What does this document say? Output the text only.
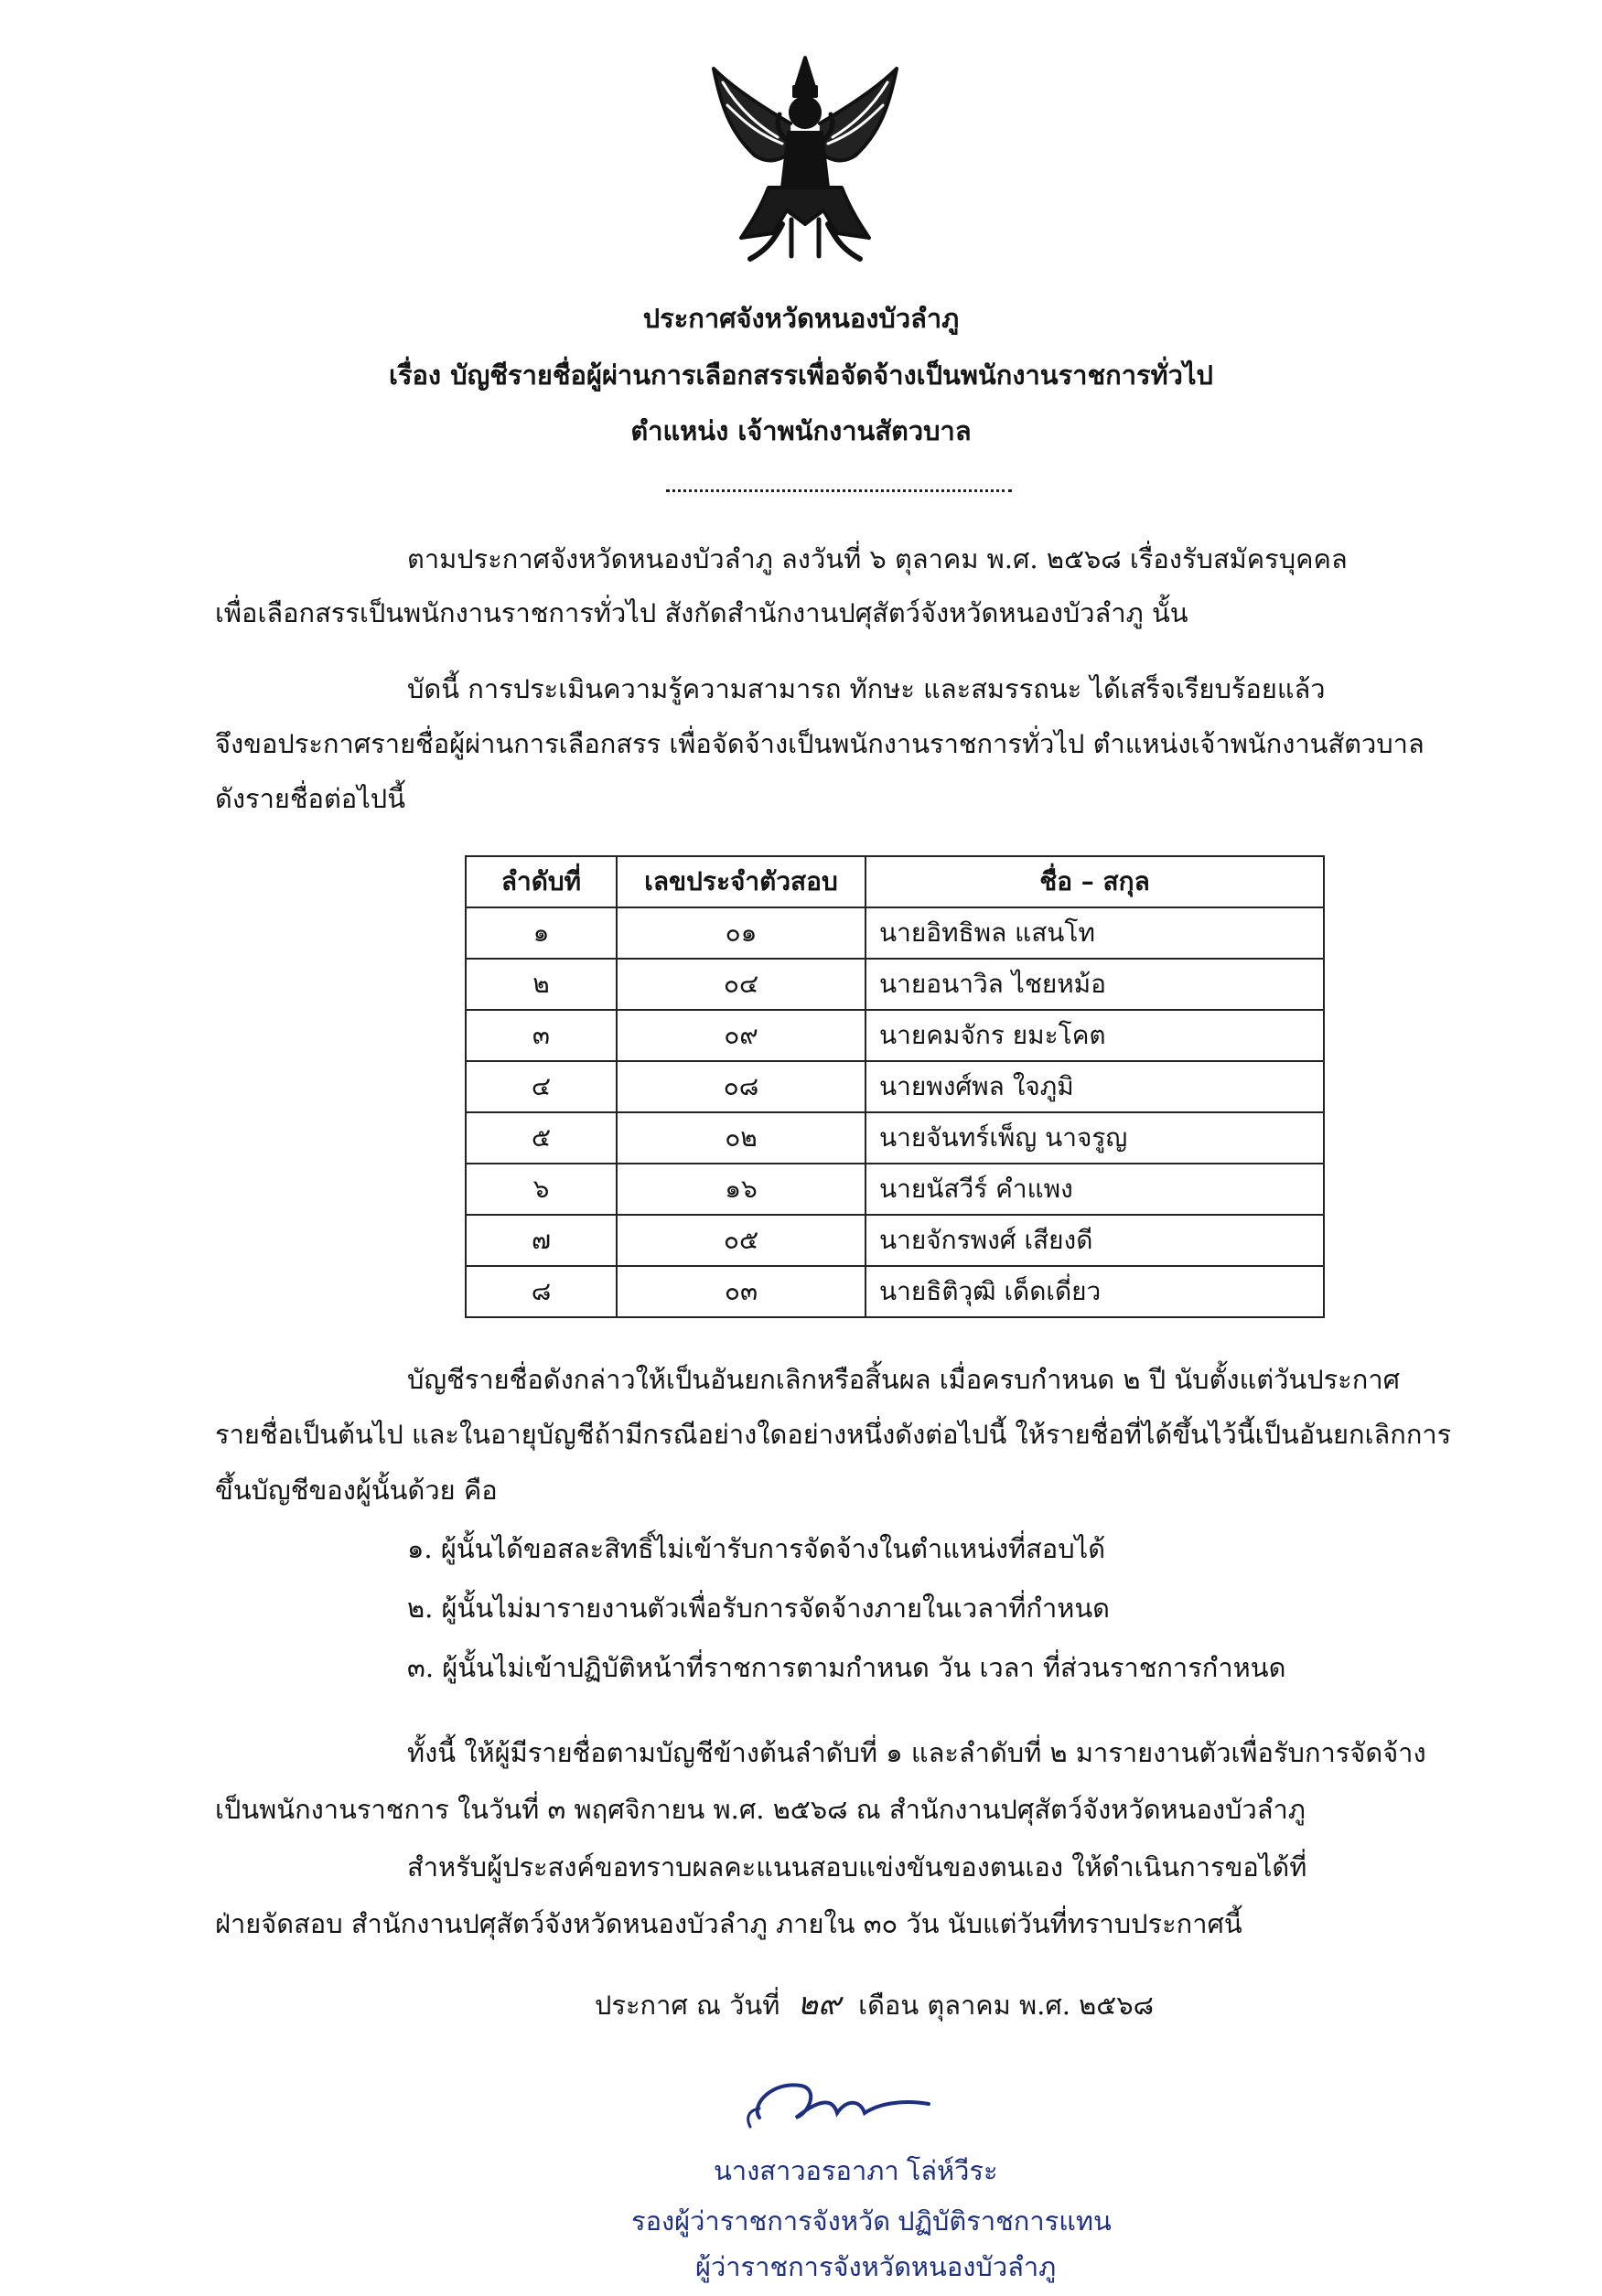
ประกาศจังหวัดหนองบัวลำภู
เรื่อง บัญชีรายชื่อผู้ผ่านการเลือกสรรเพื่อจัดจ้างเป็นพนักงานราชการทั่วไป
ตำแหน่ง เจ้าพนักงานสัตวบาล
ตามประกาศจังหวัดหนองบัวลำภู ลงวันที่ ๖ ตุลาคม พ.ศ. ๒๕๖๘ เรื่องรับสมัครบุคคล
เพื่อเลือกสรรเป็นพนักงานราชการทั่วไป สังกัดสำนักงานปศุสัตว์จังหวัดหนองบัวลำภู นั้น
บัดนี้ การประเมินความรู้ความสามารถ ทักษะ และสมรรถนะ ได้เสร็จเรียบร้อยแล้ว
จึงขอประกาศรายชื่อผู้ผ่านการเลือกสรร เพื่อจัดจ้างเป็นพนักงานราชการทั่วไป ตำแหน่งเจ้าพนักงานสัตวบาล
ดังรายชื่อต่อไปนี้
ลำดับที่	เลขประจำตัวสอบ	ชื่อ – สกุล
๑	๐๑	นายอิทธิพล แสนโท
๒	๐๔	นายอนาวิล ไชยหม้อ
๓	๐๙	นายคมจักร ยมะโคต
๔	๐๘	นายพงศ์พล ใจภูมิ
๕	๐๒	นายจันทร์เพ็ญ นาจรูญ
๖	๑๖	นายนัสวีร์ คำแพง
๗	๐๕	นายจักรพงศ์ เสียงดี
๘	๐๓	นายธิติวุฒิ เด็ดเดี่ยว
บัญชีรายชื่อดังกล่าวให้เป็นอันยกเลิกหรือสิ้นผล เมื่อครบกำหนด ๒ ปี นับตั้งแต่วันประกาศ
รายชื่อเป็นต้นไป และในอายุบัญชีถ้ามีกรณีอย่างใดอย่างหนึ่งดังต่อไปนี้ ให้รายชื่อที่ได้ขึ้นไว้นี้เป็นอันยกเลิกการ
ขึ้นบัญชีของผู้นั้นด้วย คือ
๑. ผู้นั้นได้ขอสละสิทธิ์ไม่เข้ารับการจัดจ้างในตำแหน่งที่สอบได้
๒. ผู้นั้นไม่มารายงานตัวเพื่อรับการจัดจ้างภายในเวลาที่กำหนด
๓. ผู้นั้นไม่เข้าปฏิบัติหน้าที่ราชการตามกำหนด วัน เวลา ที่ส่วนราชการกำหนด
ทั้งนี้ ให้ผู้มีรายชื่อตามบัญชีข้างต้นลำดับที่ ๑ และลำดับที่ ๒ มารายงานตัวเพื่อรับการจัดจ้าง
เป็นพนักงานราชการ ในวันที่ ๓ พฤศจิกายน พ.ศ. ๒๕๖๘ ณ สำนักงานปศุสัตว์จังหวัดหนองบัวลำภู
สำหรับผู้ประสงค์ขอทราบผลคะแนนสอบแข่งขันของตนเอง ให้ดำเนินการขอได้ที่
ฝ่ายจัดสอบ สำนักงานปศุสัตว์จังหวัดหนองบัวลำภู ภายใน ๓๐ วัน นับแต่วันที่ทราบประกาศนี้
ประกาศ ณ วันที่ ๒๙ เดือน ตุลาคม พ.ศ. ๒๕๖๘
นางสาวอรอาภา โล่ห์วีระ
รองผู้ว่าราชการจังหวัด ปฏิบัติราชการแทน
ผู้ว่าราชการจังหวัดหนองบัวลำภู
